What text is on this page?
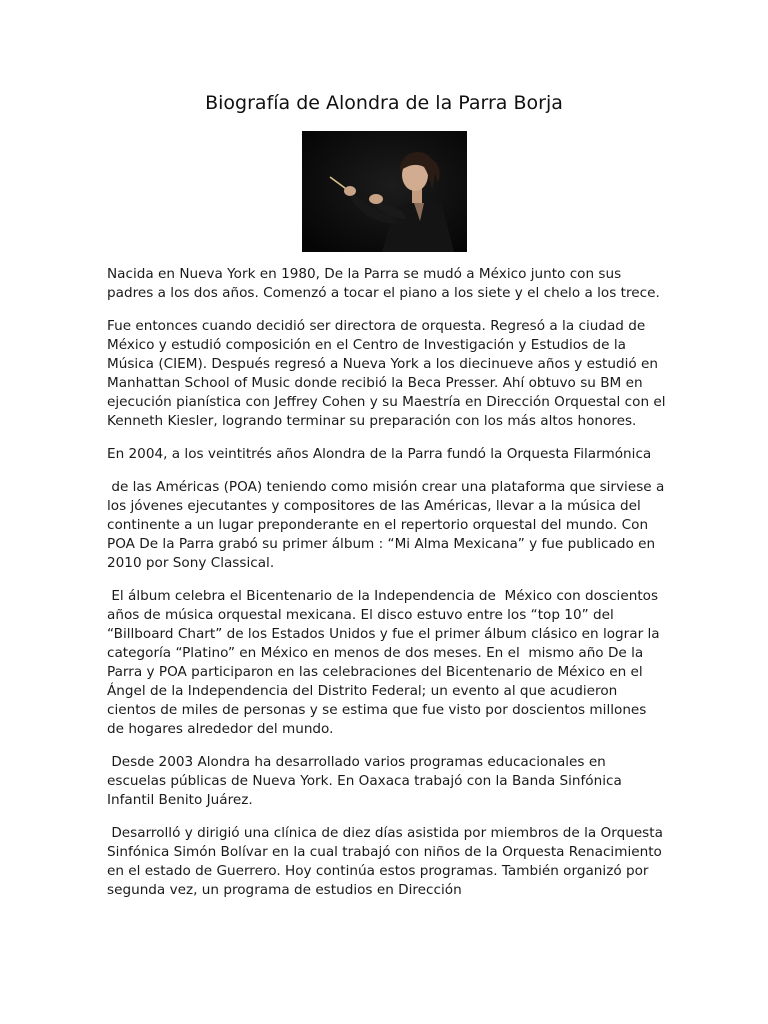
Biografía de Alondra de la Parra Borja

Nacida en Nueva York en 1980, De la Parra se mudó a México junto con sus padres a los dos años. Comenzó a tocar el piano a los siete y el chelo a los trece.

Fue entonces cuando decidió ser directora de orquesta. Regresó a la ciudad de México y estudió composición en el Centro de Investigación y Estudios de la Música (CIEM). Después regresó a Nueva York a los diecinueve años y estudió en Manhattan School of Music donde recibió la Beca Presser. Ahí obtuvo su BM en ejecución pianística con Jeffrey Cohen y su Maestría en Dirección Orquestal con el Kenneth Kiesler, logrando terminar su preparación con los más altos honores.

En 2004, a los veintitrés años Alondra de la Parra fundó la Orquesta Filarmónica

de las Américas (POA) teniendo como misión crear una plataforma que sirviese a los jóvenes ejecutantes y compositores de las Américas, llevar a la música del continente a un lugar preponderante en el repertorio orquestal del mundo. Con POA De la Parra grabó su primer álbum : “Mi Alma Mexicana” y fue publicado en 2010 por Sony Classical.

El álbum celebra el Bicentenario de la Independencia de  México con doscientos años de música orquestal mexicana. El disco estuvo entre los “top 10” del “Billboard Chart” de los Estados Unidos y fue el primer álbum clásico en lograr la categoría “Platino” en México en menos de dos meses. En el  mismo año De la Parra y POA participaron en las celebraciones del Bicentenario de México en el Ángel de la Independencia del Distrito Federal; un evento al que acudieron cientos de miles de personas y se estima que fue visto por doscientos millones de hogares alrededor del mundo.

Desde 2003 Alondra ha desarrollado varios programas educacionales en escuelas públicas de Nueva York. En Oaxaca trabajó con la Banda Sinfónica Infantil Benito Juárez.

Desarrolló y dirigió una clínica de diez días asistida por miembros de la Orquesta Sinfónica Simón Bolívar en la cual trabajó con niños de la Orquesta Renacimiento en el estado de Guerrero. Hoy continúa estos programas. También organizó por segunda vez, un programa de estudios en Dirección
